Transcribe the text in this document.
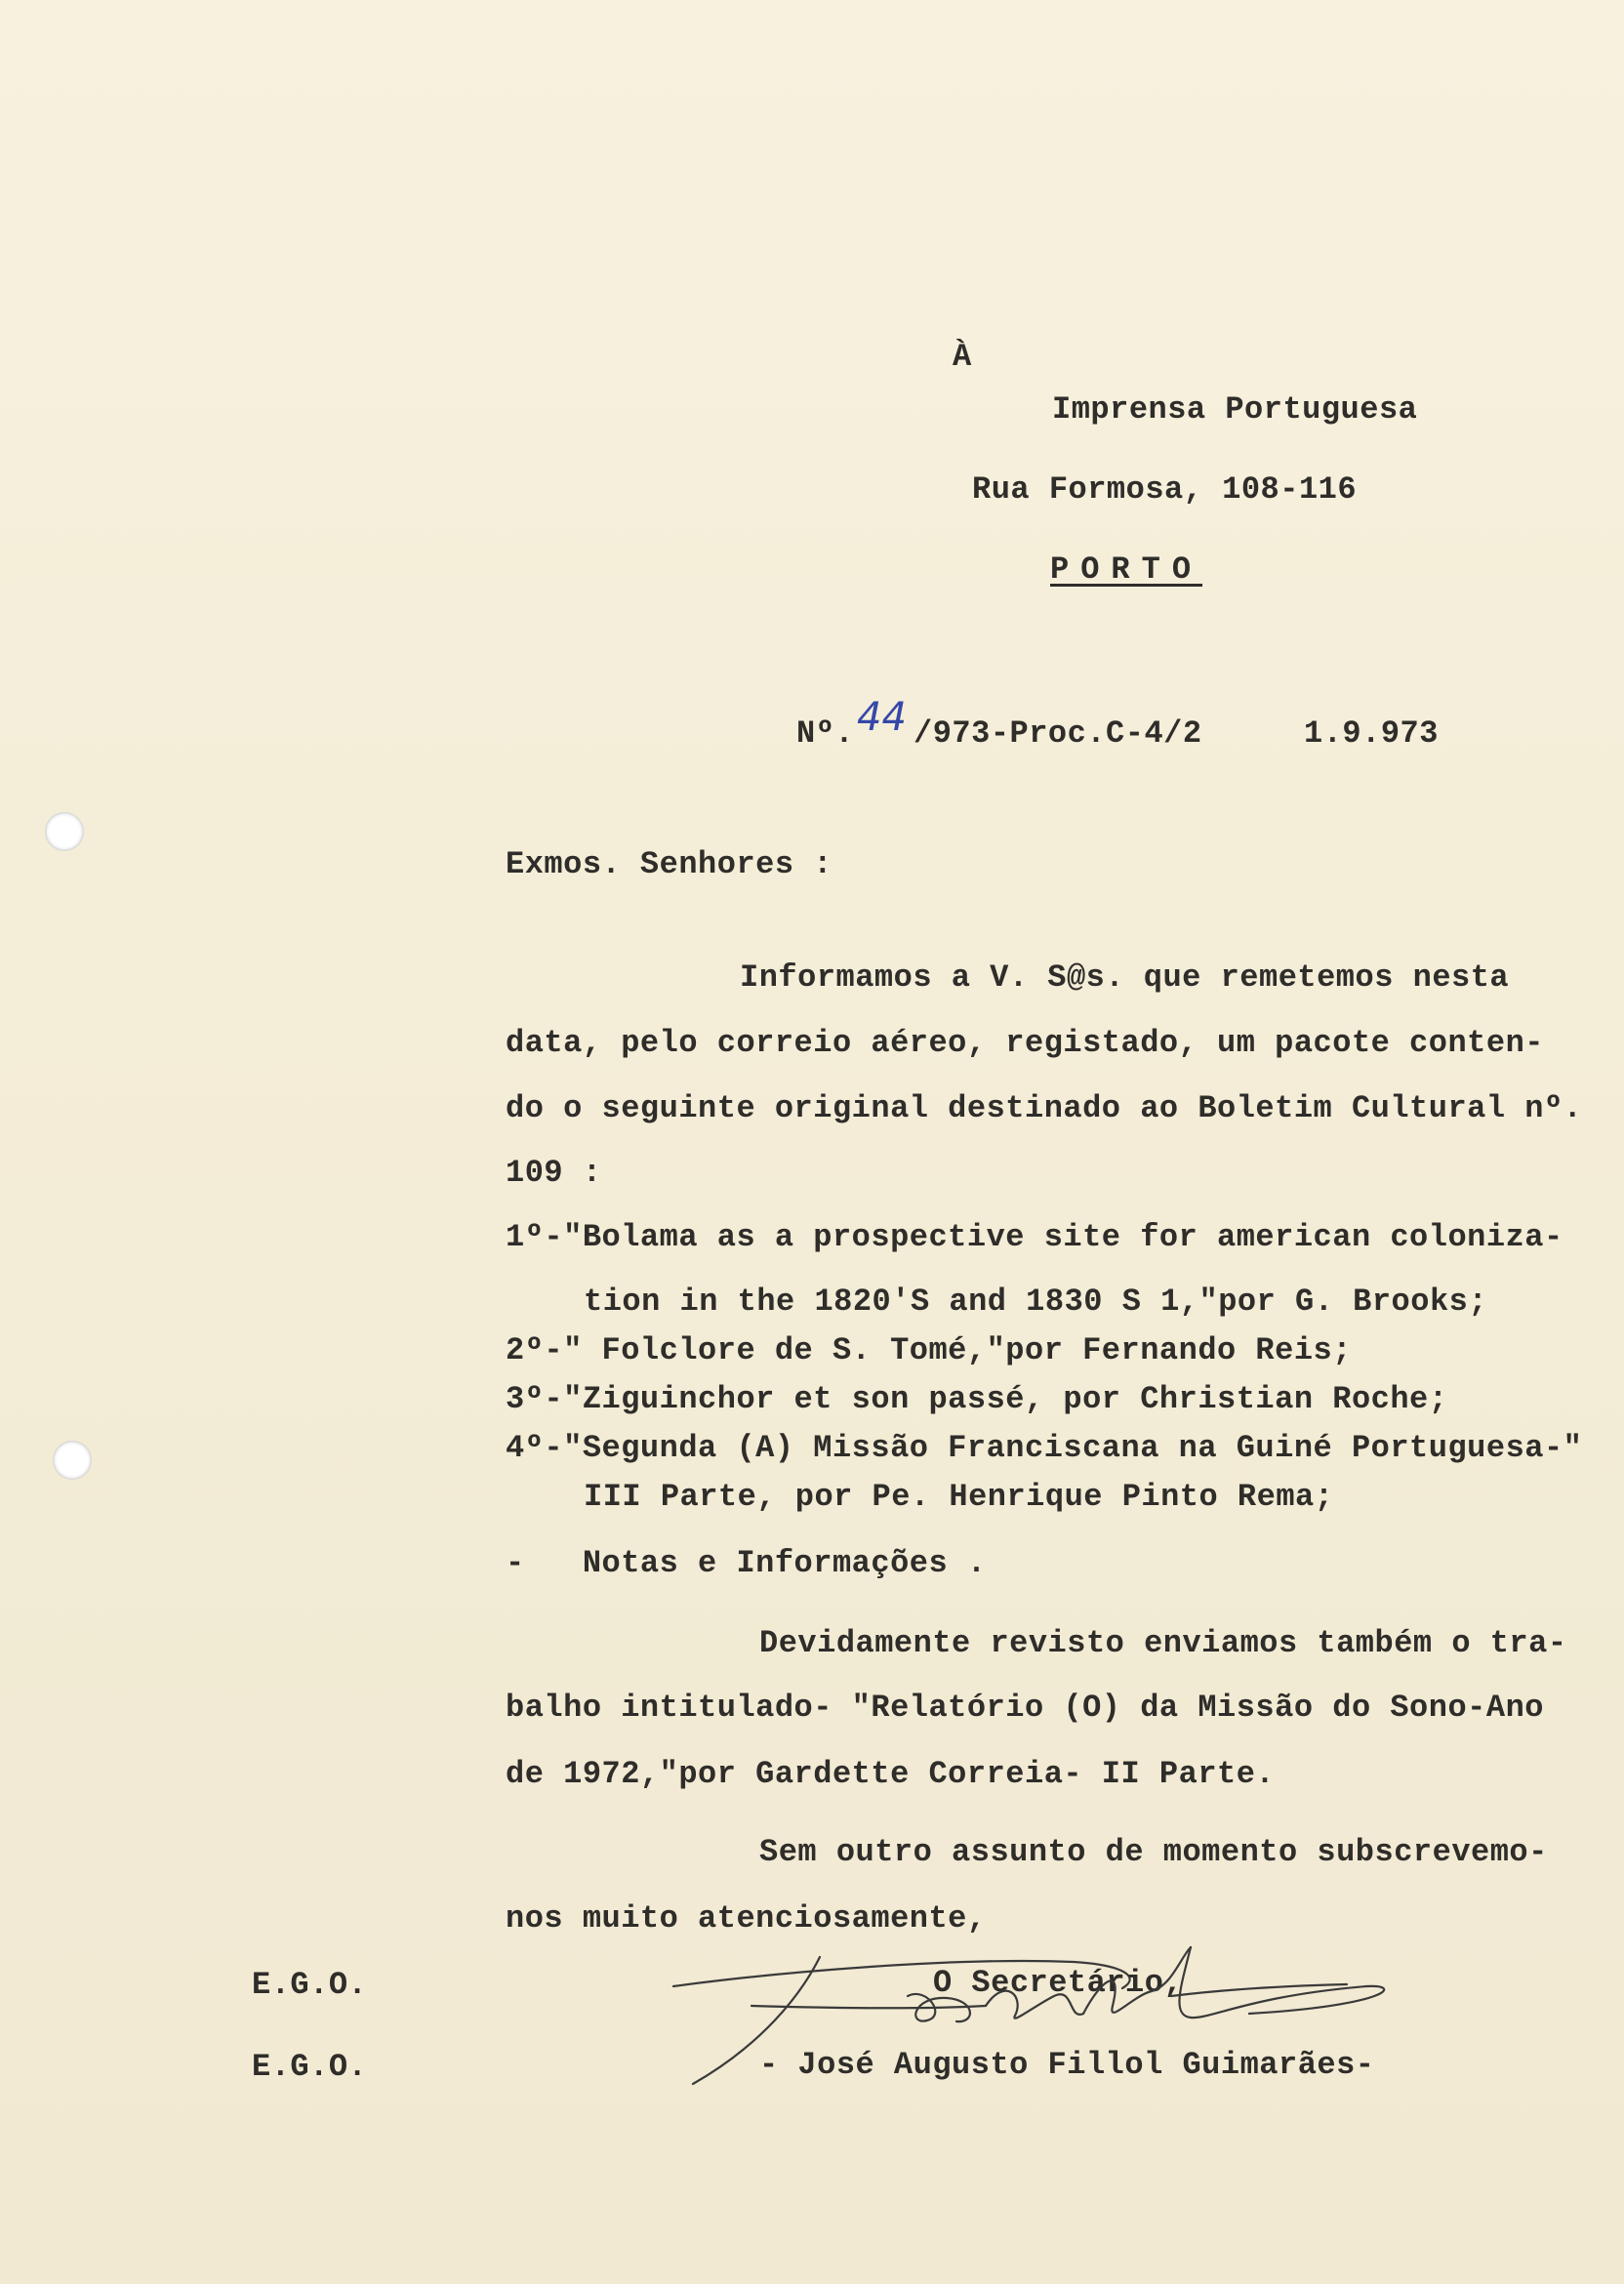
À
Imprensa Portuguesa
Rua Formosa, 108-116
PORTO
Nº. 44 /973-Proc.C-4/2	1.9.973
Exmos. Senhores :
Informamos a V. S@s. que remetemos nesta
data, pelo correio aéreo, registado, um pacote conten-
do o seguinte original destinado ao Boletim Cultural nº.
109 :
1º-"Bolama as a prospective site for american coloniza-
tion in the 1820'S and 1830 S 1,"por G. Brooks;
2º-" Folclore de S. Tomé,"por Fernando Reis;
3º-"Ziguinchor et son passé, por Christian Roche;
4º-"Segunda (A) Missão Franciscana na Guiné Portuguesa-"
III Parte, por Pe. Henrique Pinto Rema;
-   Notas e Informações .
Devidamente revisto enviamos também o tra-
balho intitulado- "Relatório (O) da Missão do Sono-Ano
de 1972,"por Gardette Correia- II Parte.
Sem outro assunto de momento subscrevemo-
nos muito atenciosamente,
E.G.O.
E.G.O.
O Secretário,
- José Augusto Fillol Guimarães-
